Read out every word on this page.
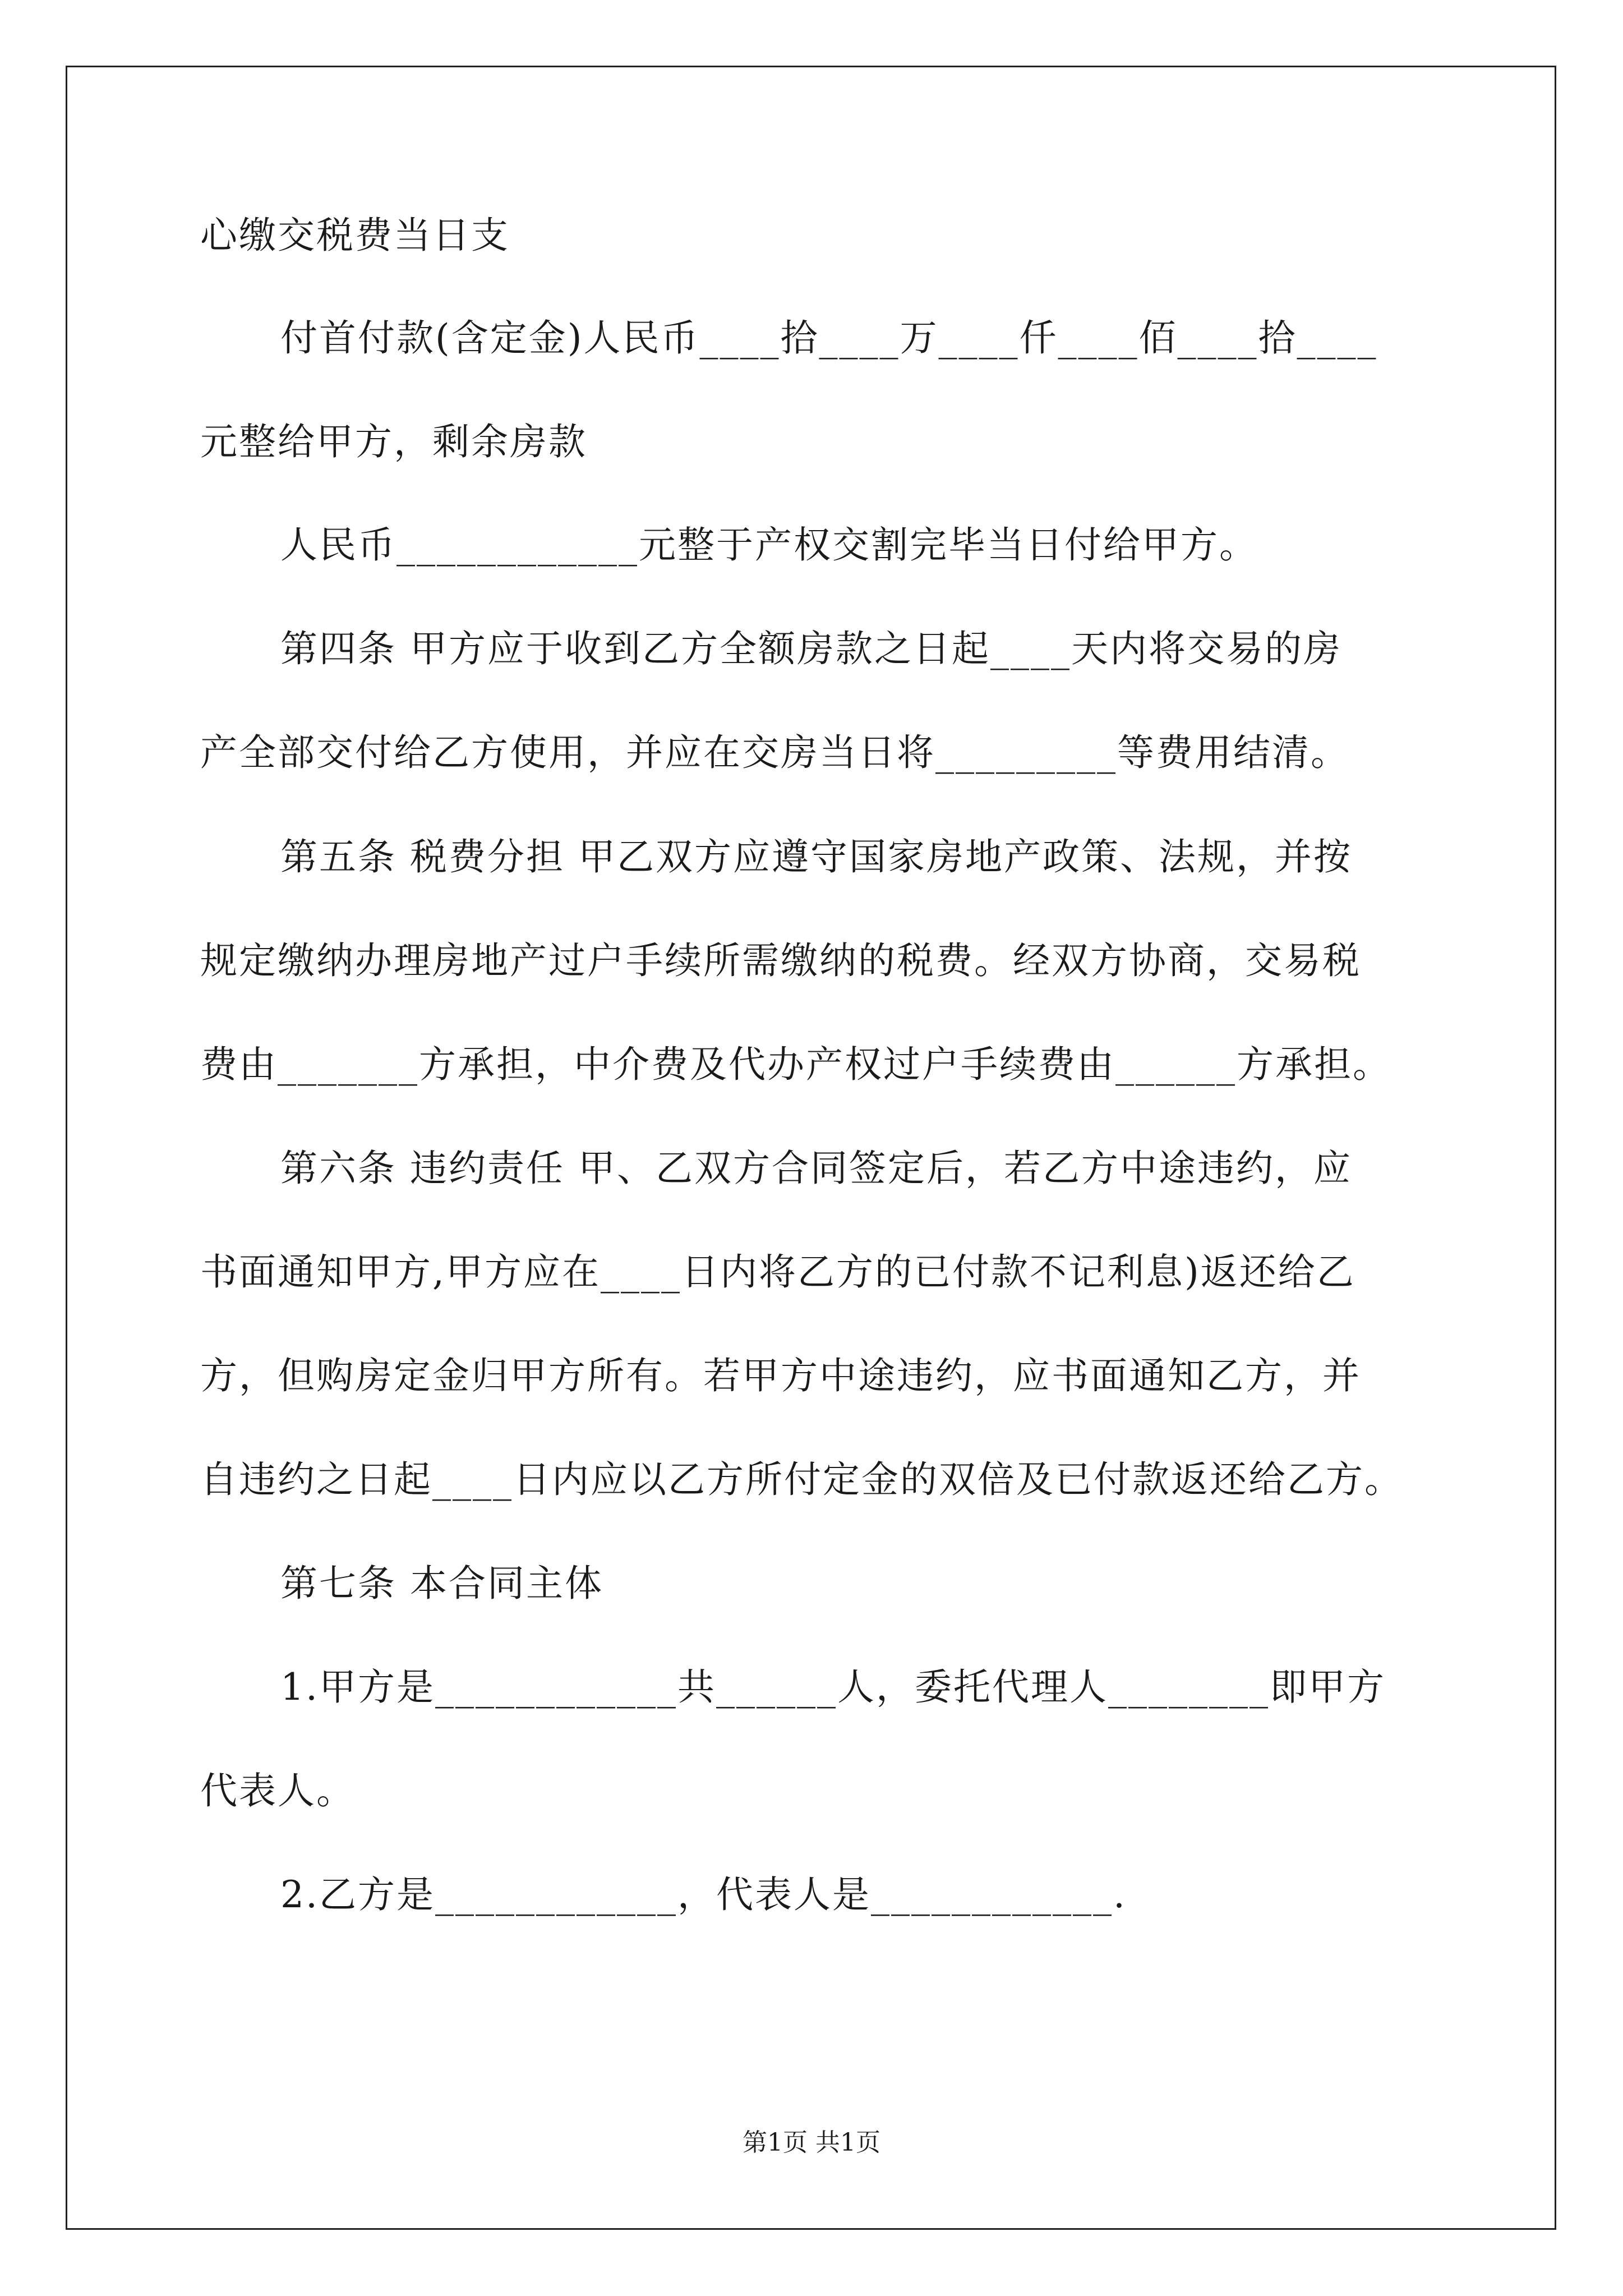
心缴交税费当日支
付首付款(含定金)人民币____拾____万____仟____佰____拾____
元整给甲方，剩余房款
人民币____________元整于产权交割完毕当日付给甲方。
第四条 甲方应于收到乙方全额房款之日起____天内将交易的房
产全部交付给乙方使用，并应在交房当日将_________等费用结清。
第五条 税费分担 甲乙双方应遵守国家房地产政策、法规，并按
规定缴纳办理房地产过户手续所需缴纳的税费。经双方协商，交易税
费由_______方承担，中介费及代办产权过户手续费由______方承担。
第六条 违约责任 甲、乙双方合同签定后，若乙方中途违约，应
书面通知甲方,甲方应在____日内将乙方的已付款不记利息)返还给乙
方，但购房定金归甲方所有。若甲方中途违约，应书面通知乙方，并
自违约之日起____日内应以乙方所付定金的双倍及已付款返还给乙方。
第七条 本合同主体
1.甲方是____________共______人，委托代理人________即甲方
代表人。
2.乙方是____________，代表人是____________.
第1页 共1页
